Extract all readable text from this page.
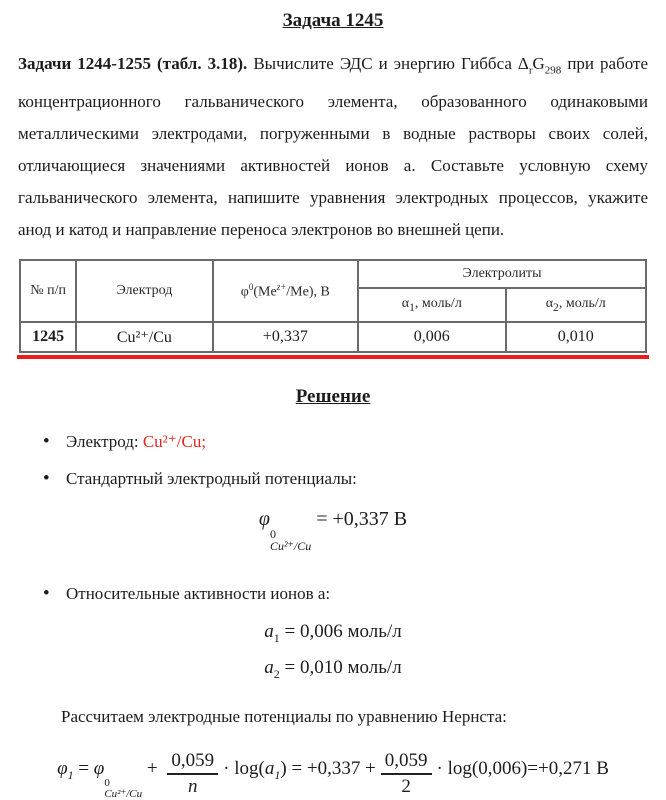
Задача 1245

Задачи 1244-1255 (табл. 3.18). Вычислите ЭДС и энергию Гиббса $\Delta_rG_{298}$ при работе концентрационного гальванического элемента, образованного одинаковыми металлическими электродами, погруженными в водные растворы своих солей, отличающиеся значениями активностей ионов а. Составьте условную схему гальванического элемента, напишите уравнения электродных процессов, укажите анод и катод и направление переноса электронов во внешней цепи.

№ п/п	Электрод	$\varphi^0(Me^{z+}/Me)$, В	Электролиты	
			$\alpha_1$, моль/л	$\alpha_2$, моль/л
1245	Cu²⁺/Cu	+0,337	0,006	0,010
Решение
• Электрод: Cu²⁺/Cu;
• Стандартный электродный потенциалы:
φ
0
Cu²⁺/Cu
= +0,337 В
• Относительные активности ионов а:
$a_1 = 0,006$ моль/л
$a_2 = 0,010$ моль/л

Рассчитаем электродные потенциалы по уравнению Нернста:

$\varphi_1 = \varphi$
0
Cu²⁺/Cu
+ $\frac{0,059}{n} \cdot \log(a_1) = +0,337 + \frac{0,059}{2} \cdot \log(0,006)=+0,271$ В
